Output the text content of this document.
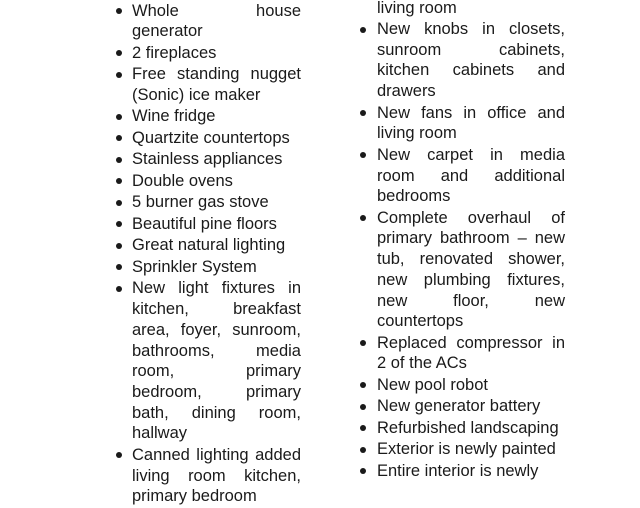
Whole house generator
2 fireplaces
Free standing nugget (Sonic) ice maker
Wine fridge
Quartzite countertops
Stainless appliances
Double ovens
5 burner gas stove
Beautiful pine floors
Great natural lighting
Sprinkler System
New light fixtures in kitchen, breakfast area, foyer, sunroom, bathrooms, media room, primary bedroom, primary bath, dining room, hallway
Canned lighting added living room kitchen, primary bedroom
living room
New knobs in closets, sunroom cabinets, kitchen cabinets and drawers
New fans in office and living room
New carpet in media room and additional bedrooms
Complete overhaul of primary bathroom – new tub, renovated shower, new plumbing fixtures, new floor, new countertops
Replaced compressor in 2 of the ACs
New pool robot
New generator battery
Refurbished landscaping
Exterior is newly painted
Entire interior is newly
